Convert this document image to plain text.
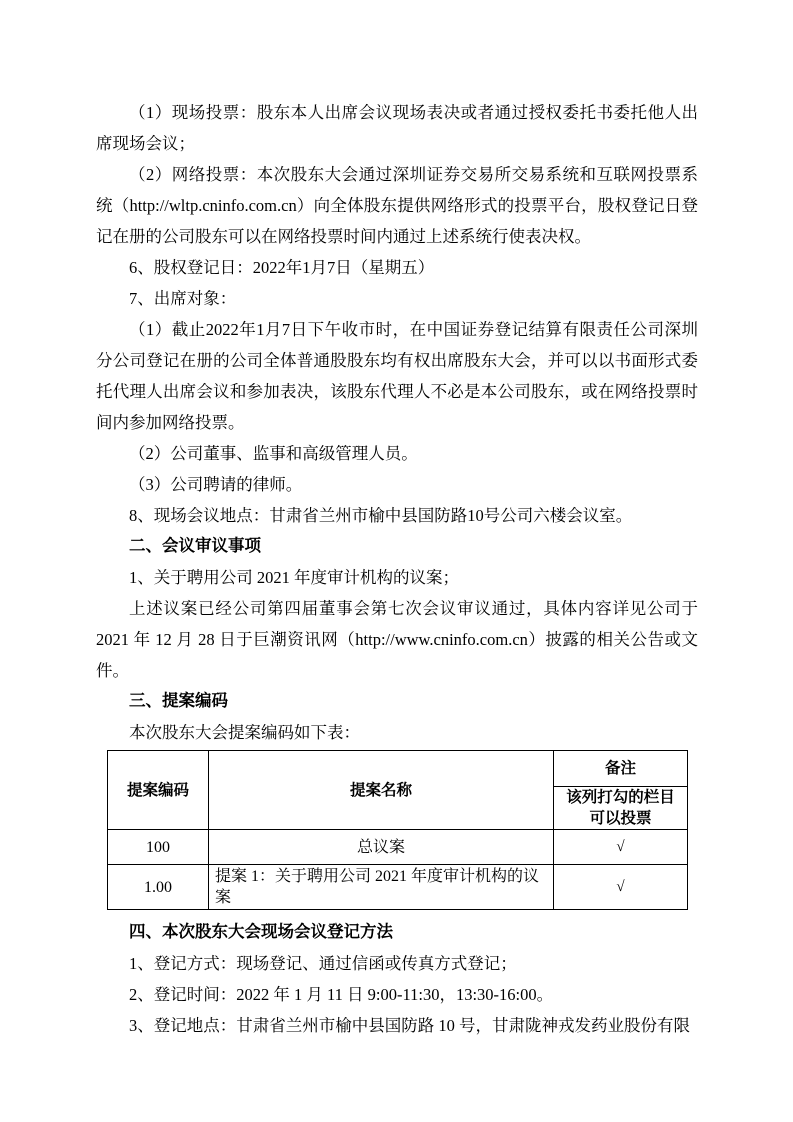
（1）现场投票：股东本人出席会议现场表决或者通过授权委托书委托他人出席现场会议；

（2）网络投票：本次股东大会通过深圳证券交易所交易系统和互联网投票系统（http://wltp.cninfo.com.cn）向全体股东提供网络形式的投票平台，股权登记日登记在册的公司股东可以在网络投票时间内通过上述系统行使表决权。

6、股权登记日：2022年1月7日（星期五）

7、出席对象：

（1）截止2022年1月7日下午收市时，在中国证券登记结算有限责任公司深圳分公司登记在册的公司全体普通股股东均有权出席股东大会，并可以以书面形式委托代理人出席会议和参加表决，该股东代理人不必是本公司股东，或在网络投票时间内参加网络投票。

（2）公司董事、监事和高级管理人员。

（3）公司聘请的律师。

8、现场会议地点：甘肃省兰州市榆中县国防路10号公司六楼会议室。

二、会议审议事项

1、关于聘用公司 2021 年度审计机构的议案；

上述议案已经公司第四届董事会第七次会议审议通过，具体内容详见公司于 2021 年 12 月 28 日于巨潮资讯网（http://www.cninfo.com.cn）披露的相关公告或文件。

三、提案编码

本次股东大会提案编码如下表：

提案编码	提案名称	备注
		该列打勾的栏目可以投票
100	总议案	√
1.00	提案 1：关于聘用公司 2021 年度审计机构的议案	√

四、本次股东大会现场会议登记方法

1、登记方式：现场登记、通过信函或传真方式登记；

2、登记时间：2022 年 1 月 11 日 9:00-11:30，13:30-16:00。

3、登记地点：甘肃省兰州市榆中县国防路 10 号，甘肃陇神戎发药业股份有限
